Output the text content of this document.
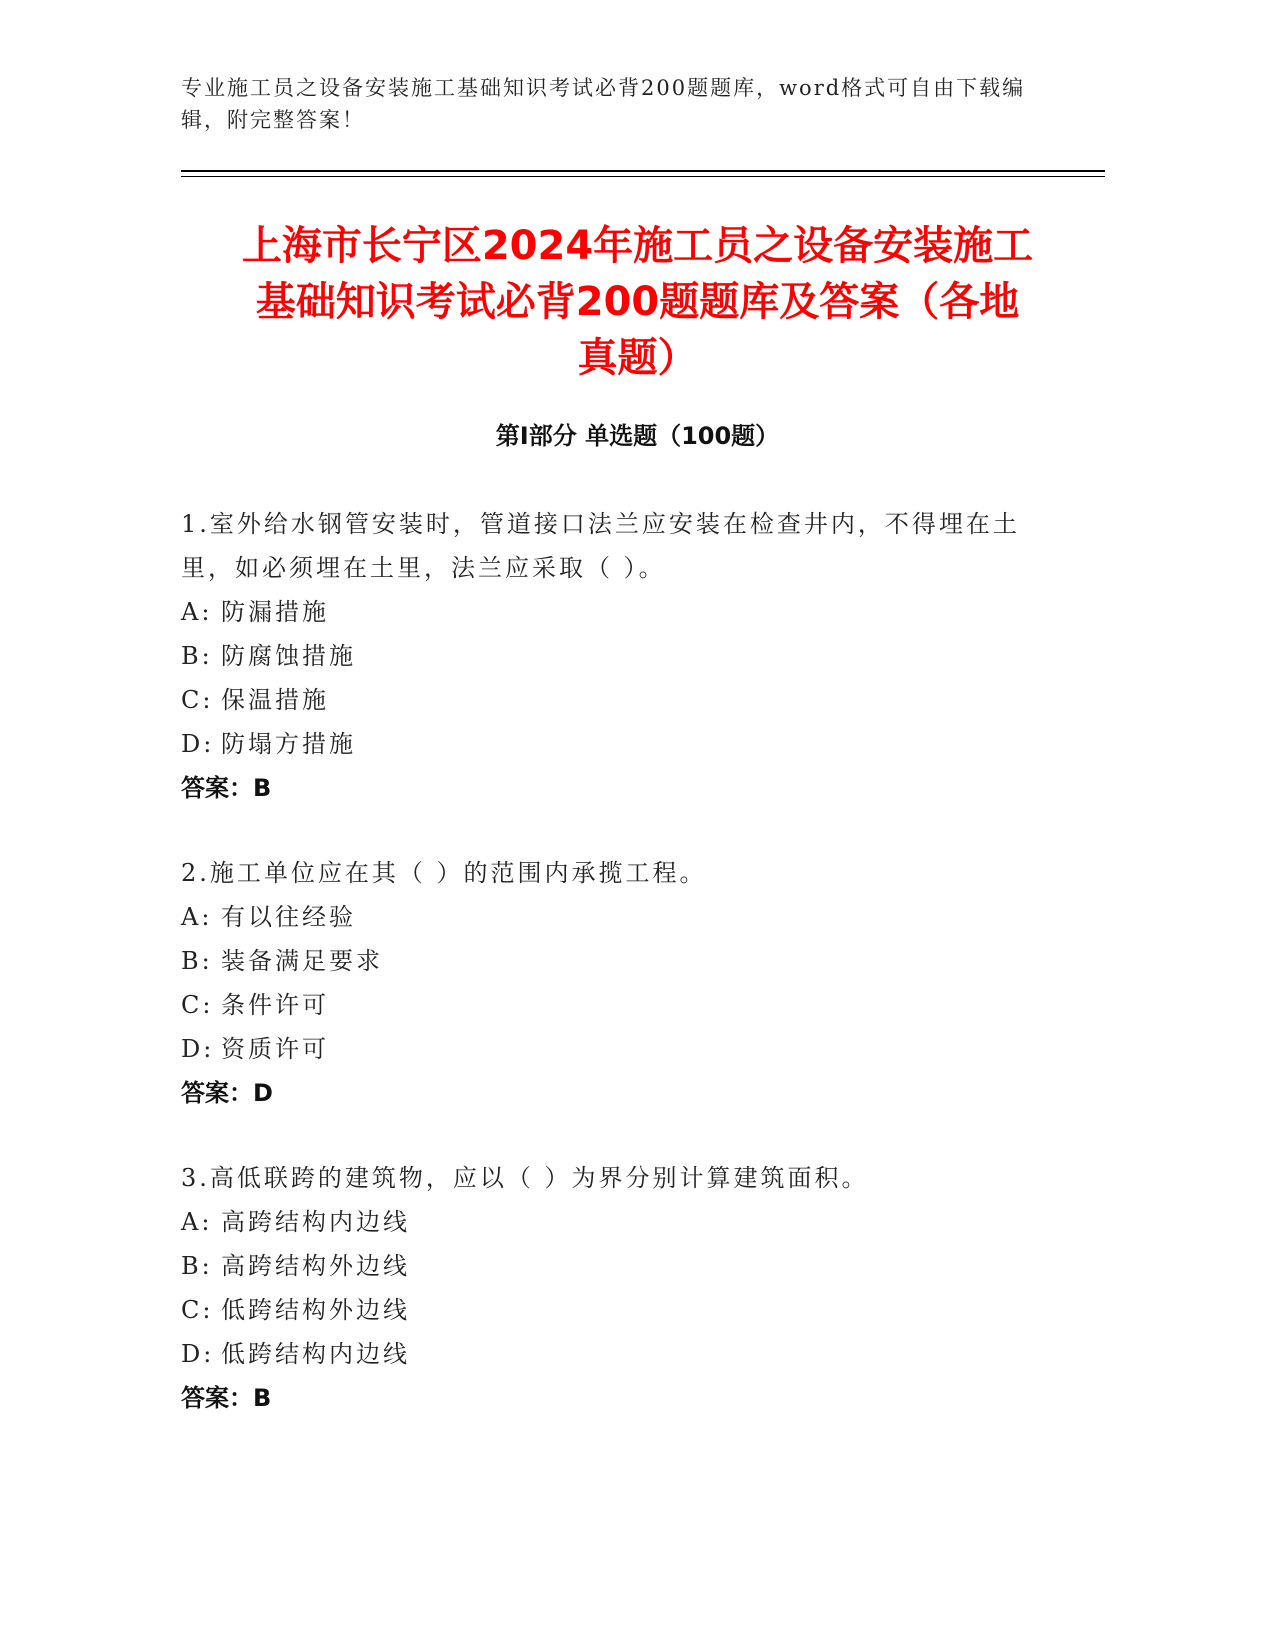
专业施工员之设备安装施工基础知识考试必背200题题库，word格式可自由下载编辑，附完整答案！
上海市长宁区2024年施工员之设备安装施工
基础知识考试必背200题题库及答案（各地
真题）
第Ⅰ部分 单选题（100题）
1.室外给水钢管安装时，管道接口法兰应安装在检查井内，不得埋在土里，如必须埋在土里，法兰应采取（ ）。
A: 防漏措施
B: 防腐蚀措施
C: 保温措施
D: 防塌方措施
答案：B
2.施工单位应在其（ ）的范围内承揽工程。
A: 有以往经验
B: 装备满足要求
C: 条件许可
D: 资质许可
答案：D
3.高低联跨的建筑物，应以（ ）为界分别计算建筑面积。
A: 高跨结构内边线
B: 高跨结构外边线
C: 低跨结构外边线
D: 低跨结构内边线
答案：B
